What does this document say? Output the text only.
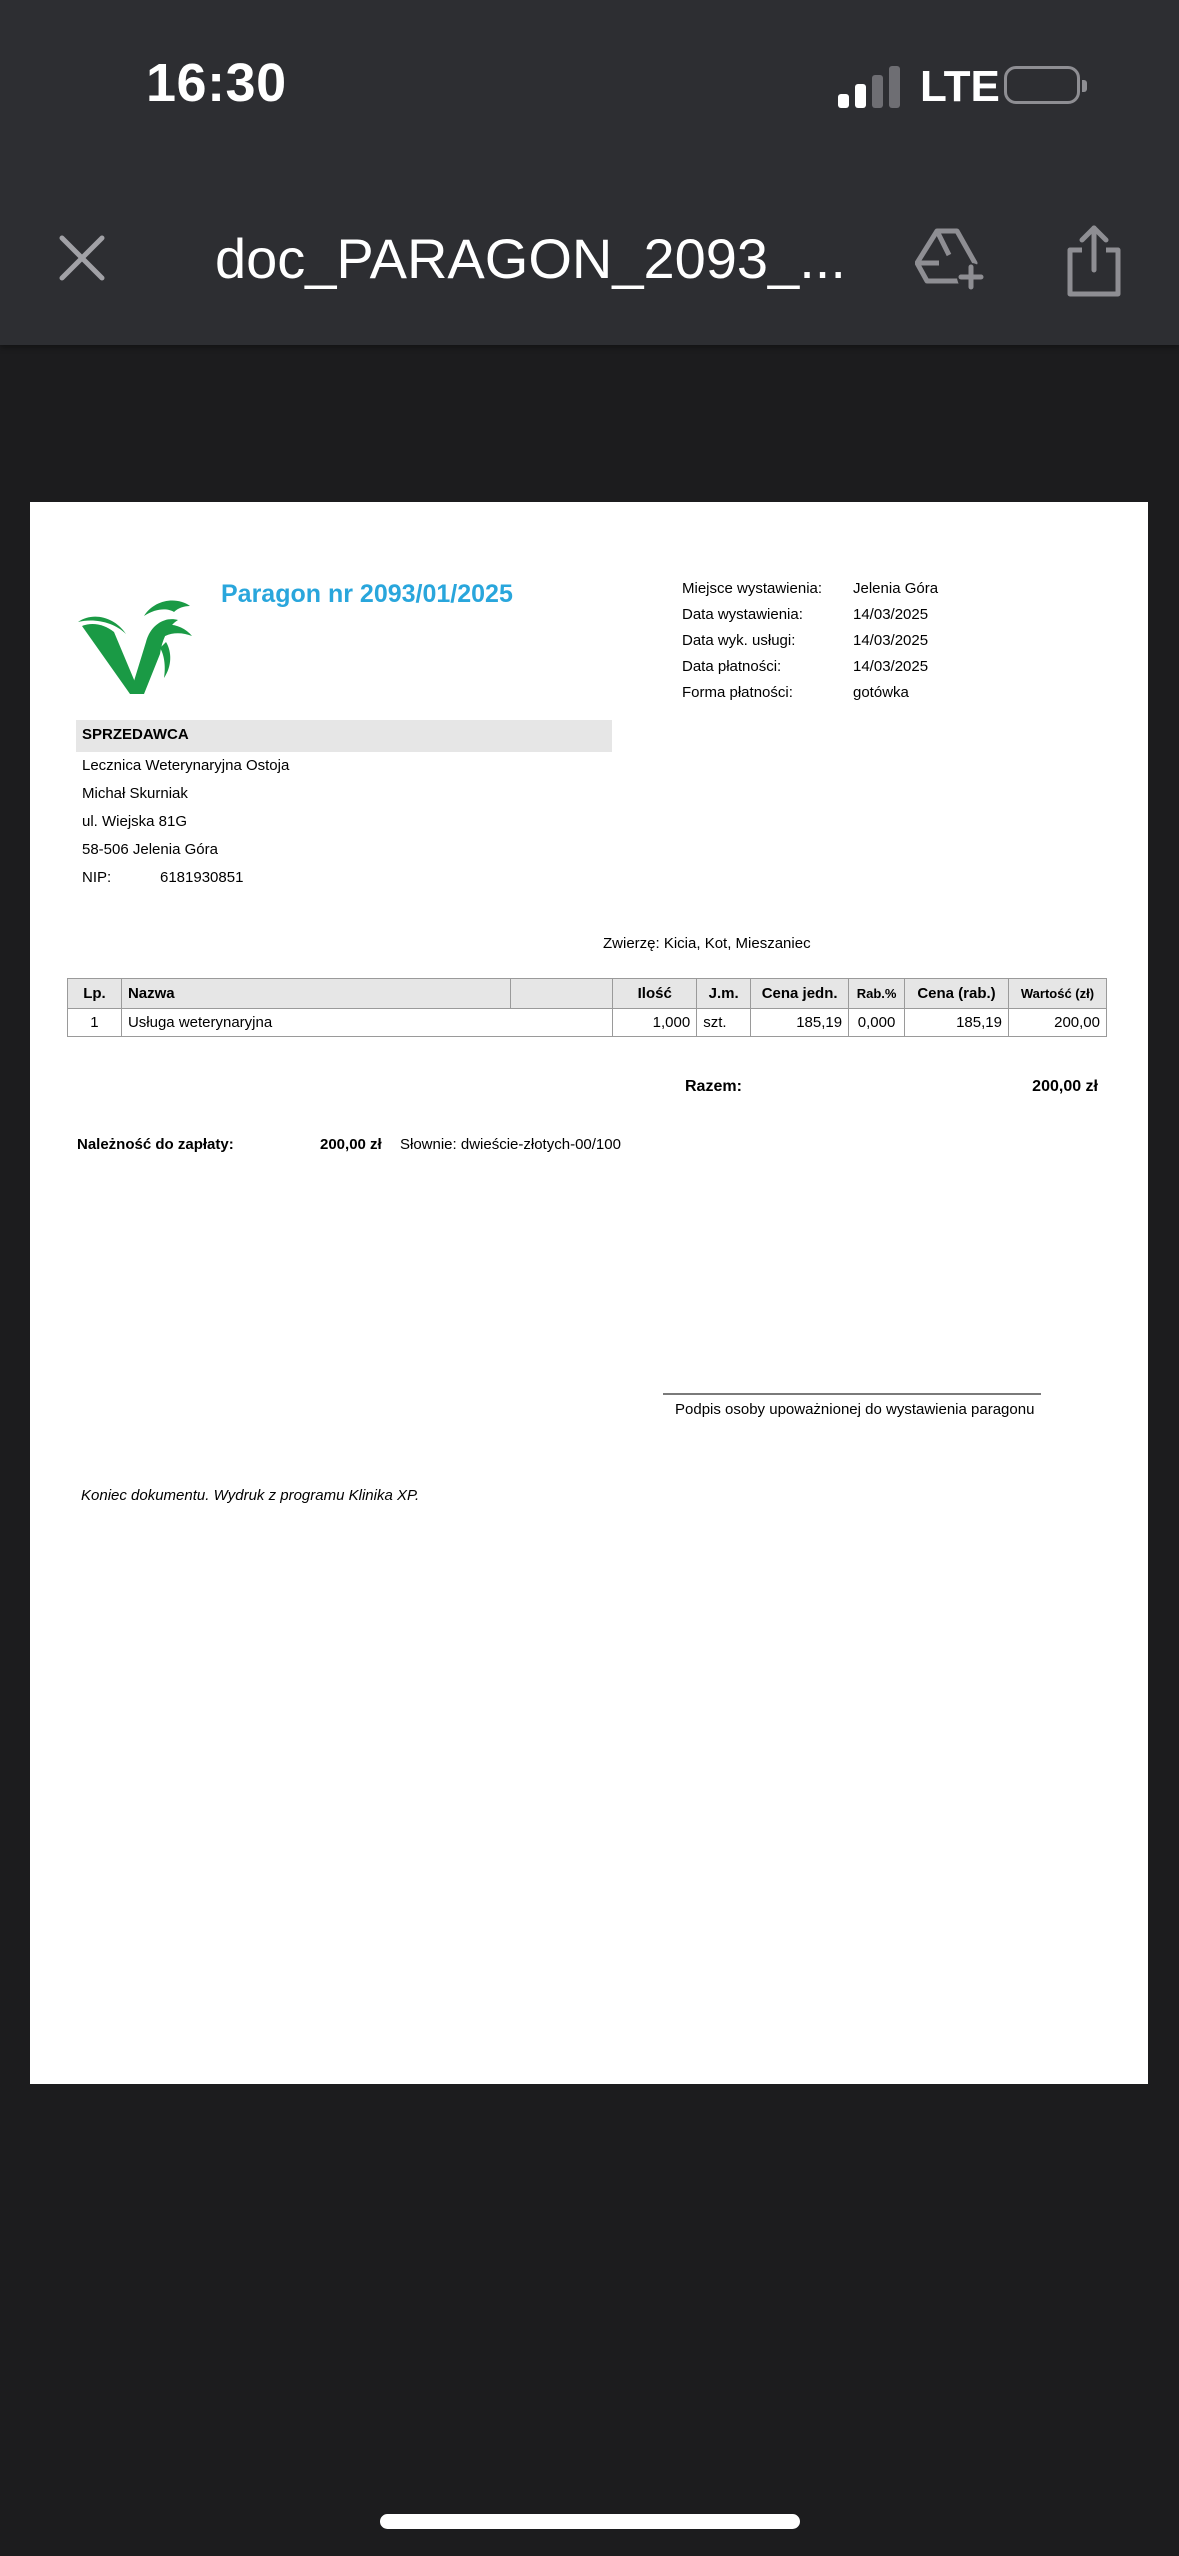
16:30	LTE
doc_PARAGON_2093_...
Paragon nr 2093/01/2025	Miejsce wystawienia: Jelenia Góra
Data wystawienia:	14/03/2025
Data wyk. usługi:	14/03/2025
Data płatności:	14/03/2025
Forma płatności:	gotówka
SPRZEDAWCA
Lecznica Weterynaryjna Ostoja
Michał Skurniak
ul. Wiejska 81G
58-506 Jelenia Góra
NIP:	6181930851
Zwierzę: Kicia, Kot, Mieszaniec
Lp.	Nazwa		Ilość	J.m.	Cena jedn.	Rab.%	Cena (rab.)	Wartość (zł)
1	Usługa weterynaryjna		1,000	szt.	185,19	0,000	185,19	200,00
Razem:	200,00 zł
Należność do zapłaty:	200,00 zł Słownie: dwieście-złotych-00/100
Podpis osoby upoważnionej do wystawienia paragonu
Koniec dokumentu. Wydruk z programu Klinika XP.
